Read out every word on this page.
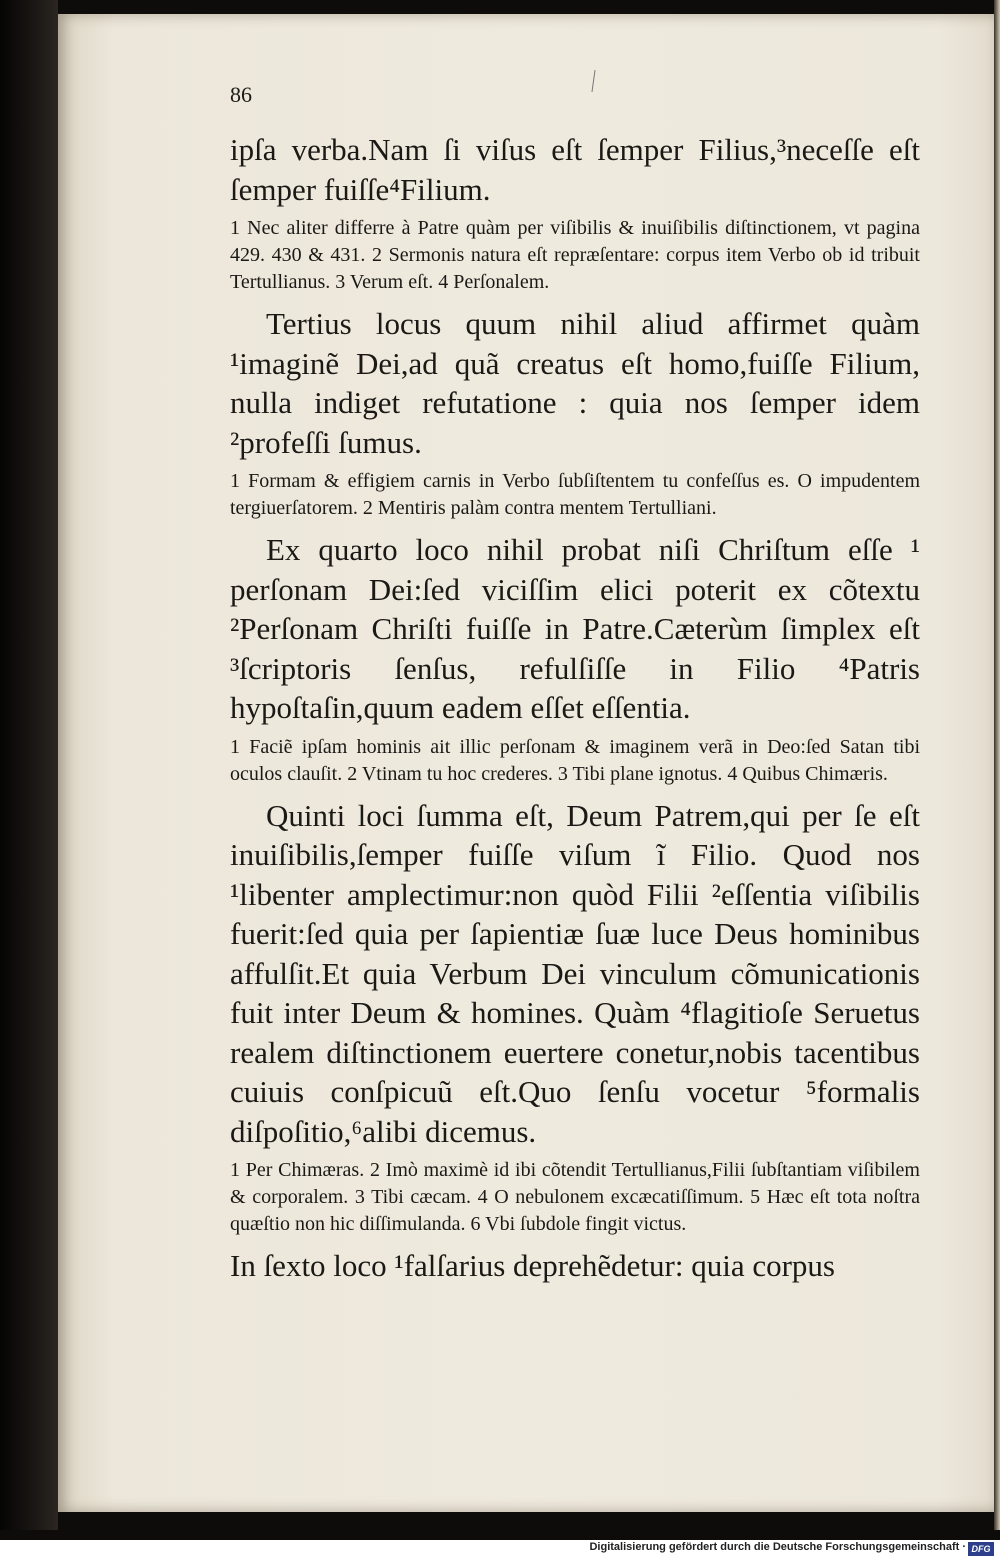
86

ipſa verba.Nam ſi viſus eſt ſemper Filius,³neceſſe eſt ſemper fuiſſe⁴Filium.

1 Nec aliter differre à Patre quàm per viſibilis & inuiſibilis diſtinctionem, vt pagina 429. 430 & 431. 2 Sermonis natura eſt repræſentare: corpus item Verbo ob id tribuit Tertullianus. 3 Verum eſt. 4 Perſonalem.

Tertius locus quum nihil aliud affirmet quàm ¹imaginẽ Dei,ad quã creatus eſt homo,fuiſſe Filium, nulla indiget refutatione : quia nos ſemper idem ²profeſſi ſumus.

1 Formam & effigiem carnis in Verbo ſubſiſtentem tu confeſſus es. O impudentem tergiuerſatorem. 2 Mentiris palàm contra mentem Tertulliani.

Ex quarto loco nihil probat niſi Chriſtum eſſe ¹ perſonam Dei:ſed viciſſim elici poterit ex cõtextu ²Perſonam Chriſti fuiſſe in Patre.Cæterùm ſimplex eſt ³ſcriptoris ſenſus, refulſiſſe in Filio ⁴Patris hypoſtaſin,quum eadem eſſet eſſentia.

1 Faciẽ ipſam hominis ait illic perſonam & imaginem verã in Deo:ſed Satan tibi oculos clauſit. 2 Vtinam tu hoc crederes. 3 Tibi plane ignotus. 4 Quibus Chimæris.

Quinti loci ſumma eſt, Deum Patrem,qui per ſe eſt inuiſibilis,ſemper fuiſſe viſum ĩ Filio. Quod nos ¹libenter amplectimur:non quòd Filii ²eſſentia viſibilis fuerit:ſed quia per ſapientiæ ſuæ luce Deus hominibus affulſit.Et quia Verbum Dei vinculum cõmunicationis fuit inter Deum & homines. Quàm ⁴flagitioſe Seruetus realem diſtinctionem euertere conetur,nobis tacentibus cuiuis conſpicuũ eſt.Quo ſenſu vocetur ⁵formalis diſpoſitio,⁶alibi dicemus.

1 Per Chimæras. 2 Imò maximè id ibi cõtendit Tertullianus,Filii ſubſtantiam viſibilem & corporalem. 3 Tibi cæcam. 4 O nebulonem excæcatiſſimum. 5 Hæc eſt tota noſtra quæſtio non hic diſſimulanda. 6 Vbi ſubdole fingit victus.

In ſexto loco ¹falſarius deprehẽdetur: quia corpus

Digitalisierung gefördert durch die Deutsche Forschungsgemeinschaft · DFG
